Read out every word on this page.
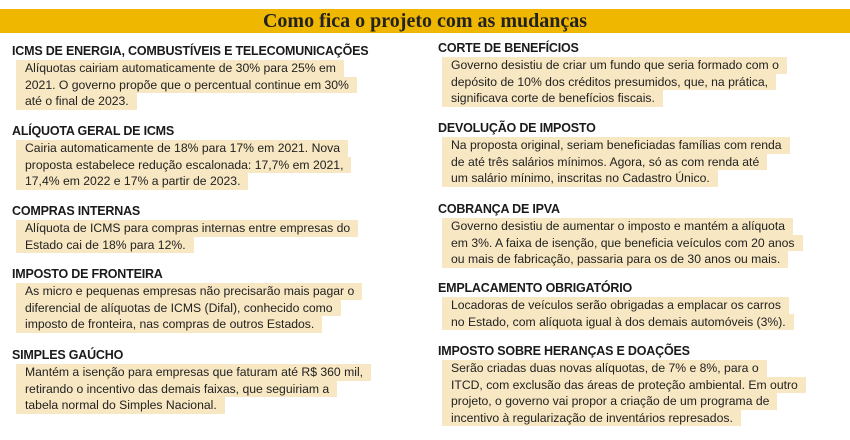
Como fica o projeto com as mudanças
ICMS DE ENERGIA, COMBUSTÍVEIS E TELECOMUNICAÇÕES
Alíquotas cairiam automaticamente de 30% para 25% em
2021. O governo propõe que o percentual continue em 30%
até o final de 2023.
ALÍQUOTA GERAL DE ICMS
Cairia automaticamente de 18% para 17% em 2021. Nova
proposta estabelece redução escalonada: 17,7% em 2021,
17,4% em 2022 e 17% a partir de 2023.
COMPRAS INTERNAS
Alíquota de ICMS para compras internas entre empresas do
Estado cai de 18% para 12%.
IMPOSTO DE FRONTEIRA
As micro e pequenas empresas não precisarão mais pagar o
diferencial de alíquotas de ICMS (Difal), conhecido como
imposto de fronteira, nas compras de outros Estados.
SIMPLES GAÚCHO
Mantém a isenção para empresas que faturam até R$ 360 mil,
retirando o incentivo das demais faixas, que seguiriam a
tabela normal do Simples Nacional.
CORTE DE BENEFÍCIOS
Governo desistiu de criar um fundo que seria formado com o
depósito de 10% dos créditos presumidos, que, na prática,
significava corte de benefícios fiscais.
DEVOLUÇÃO DE IMPOSTO
Na proposta original, seriam beneficiadas famílias com renda
de até três salários mínimos. Agora, só as com renda até
um salário mínimo, inscritas no Cadastro Único.
COBRANÇA DE IPVA
Governo desistiu de aumentar o imposto e mantém a alíquota
em 3%. A faixa de isenção, que beneficia veículos com 20 anos
ou mais de fabricação, passaria para os de 30 anos ou mais.
EMPLACAMENTO OBRIGATÓRIO
Locadoras de veículos serão obrigadas a emplacar os carros
no Estado, com alíquota igual à dos demais automóveis (3%).
IMPOSTO SOBRE HERANÇAS E DOAÇÕES
Serão criadas duas novas alíquotas, de 7% e 8%, para o
ITCD, com exclusão das áreas de proteção ambiental. Em outro
projeto, o governo vai propor a criação de um programa de
incentivo à regularização de inventários represados.
